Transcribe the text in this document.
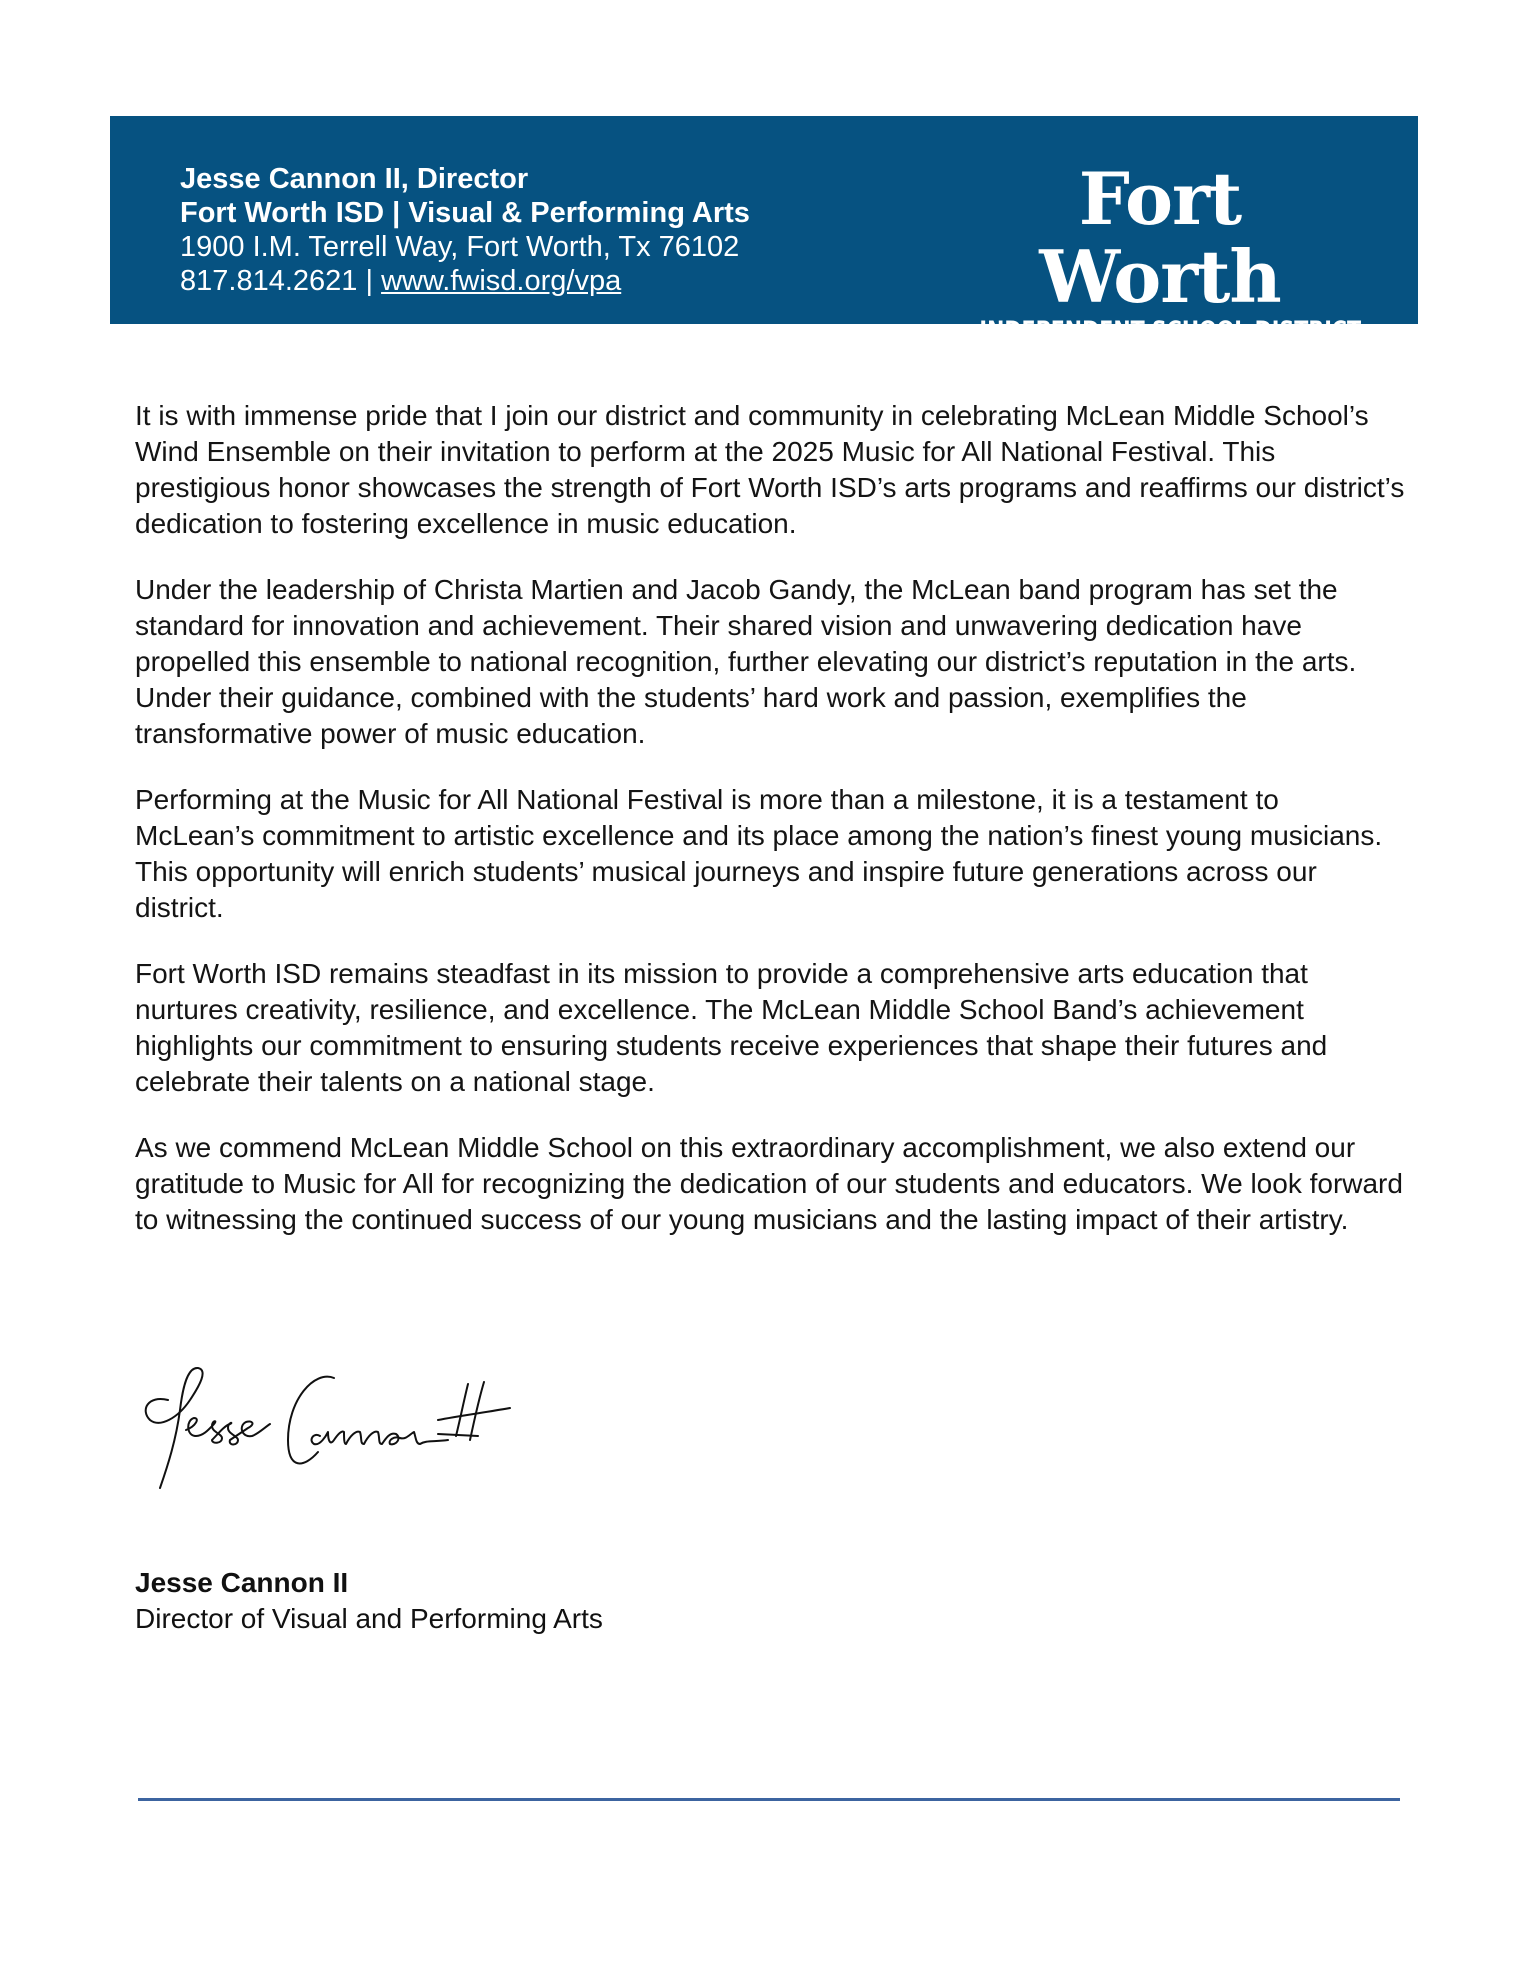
Jesse Cannon II, Director
Fort Worth ISD | Visual & Performing Arts
1900 I.M. Terrell Way, Fort Worth, Tx 76102
817.814.2621 | www.fwisd.org/vpa
Fort Worth
INDEPENDENT SCHOOL DISTRICT

It is with immense pride that I join our district and community in celebrating McLean Middle School’s Wind Ensemble on their invitation to perform at the 2025 Music for All National Festival. This prestigious honor showcases the strength of Fort Worth ISD’s arts programs and reaffirms our district’s dedication to fostering excellence in music education.

Under the leadership of Christa Martien and Jacob Gandy, the McLean band program has set the standard for innovation and achievement. Their shared vision and unwavering dedication have propelled this ensemble to national recognition, further elevating our district’s reputation in the arts. Under their guidance, combined with the students’ hard work and passion, exemplifies the transformative power of music education.

Performing at the Music for All National Festival is more than a milestone, it is a testament to McLean’s commitment to artistic excellence and its place among the nation’s finest young musicians. This opportunity will enrich students’ musical journeys and inspire future generations across our district.

Fort Worth ISD remains steadfast in its mission to provide a comprehensive arts education that nurtures creativity, resilience, and excellence. The McLean Middle School Band’s achievement highlights our commitment to ensuring students receive experiences that shape their futures and celebrate their talents on a national stage.

As we commend McLean Middle School on this extraordinary accomplishment, we also extend our gratitude to Music for All for recognizing the dedication of our students and educators. We look forward to witnessing the continued success of our young musicians and the lasting impact of their artistry.

Jesse Cannon II
Director of Visual and Performing Arts
